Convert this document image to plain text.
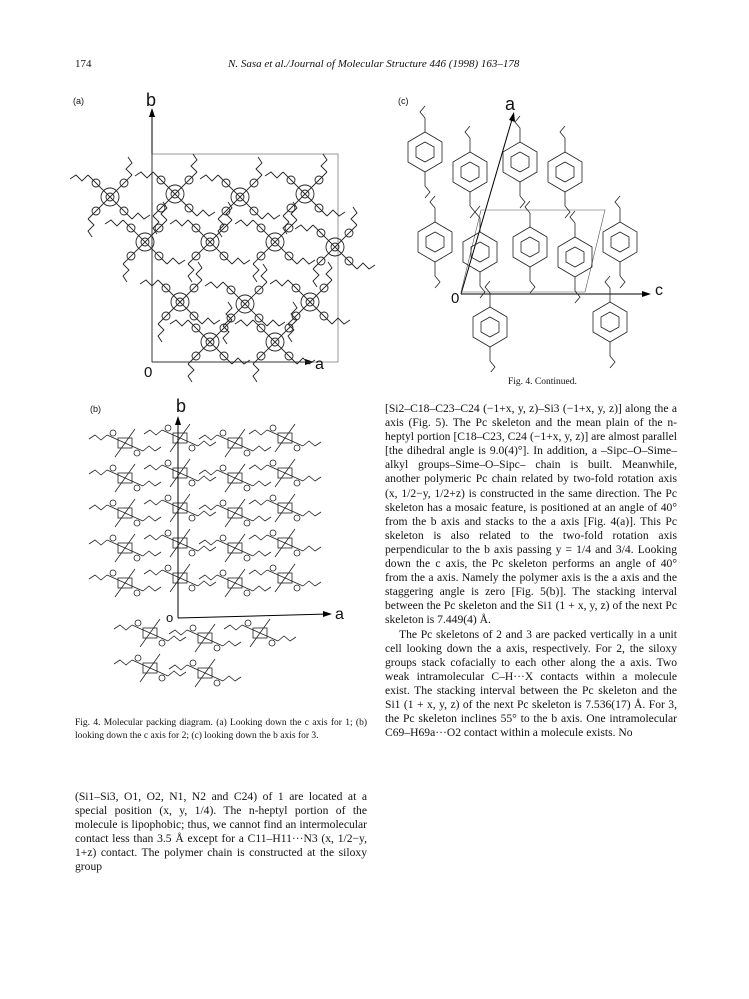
174	N. Sasa et al./Journal of Molecular Structure 446 (1998) 163–178
(a)	b
a
0
(b)	b
a
o
(c)	a
c
0
Fig. 4. Continued.
Fig. 4. Molecular packing diagram. (a) Looking down the c axis for 1; (b) looking down the c axis for 2; (c) looking down the b axis for 3.

(Si1–Si3, O1, O2, N1, N2 and C24) of 1 are located at a special position (x, y, 1/4). The n-heptyl portion of the molecule is lipophobic; thus, we cannot find an intermolecular contact less than 3.5 Å except for a C11–H11···N3 (x, 1/2−y, 1+z) contact. The polymer chain is constructed at the siloxy group

[Si2–C18–C23–C24 (−1+x, y, z)–Si3 (−1+x, y, z)] along the a axis (Fig. 5). The Pc skeleton and the mean plain of the n-heptyl portion [C18–C23, C24 (−1+x, y, z)] are almost parallel [the dihedral angle is 9.0(4)°]. In addition, a –Sipc–O–Sime–alkyl groups–Sime–O–Sipc– chain is built. Meanwhile, another polymeric Pc chain related by two-fold rotation axis (x, 1/2−y, 1/2+z) is constructed in the same direction. The Pc skeleton has a mosaic feature, is positioned at an angle of 40° from the b axis and stacks to the a axis [Fig. 4(a)]. This Pc skeleton is also related to the two-fold rotation axis perpendicular to the b axis passing y = 1/4 and 3/4. Looking down the c axis, the Pc skeleton performs an angle of 40° from the a axis. Namely the polymer axis is the a axis and the staggering angle is zero [Fig. 5(b)]. The stacking interval between the Pc skeleton and the Si1 (1 + x, y, z) of the next Pc skeleton is 7.449(4) Å.

The Pc skeletons of 2 and 3 are packed vertically in a unit cell looking down the a axis, respectively. For 2, the siloxy groups stack cofacially to each other along the a axis. Two weak intramolecular C–H···X contacts within a molecule exist. The stacking interval between the Pc skeleton and the Si1 (1 + x, y, z) of the next Pc skeleton is 7.536(17) Å. For 3, the Pc skeleton inclines 55° to the b axis. One intramolecular C69–H69a···O2 contact within a molecule exists. No
